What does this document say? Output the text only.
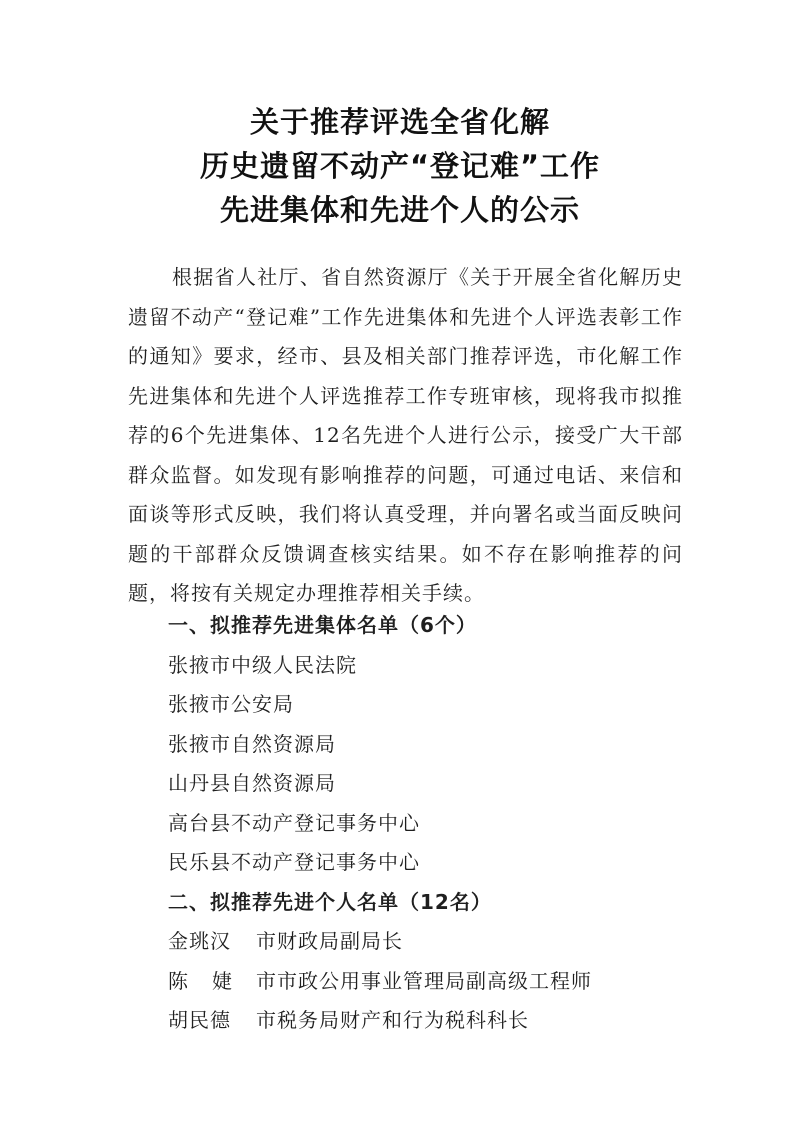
关于推荐评选全省化解
历史遗留不动产“登记难”工作
先进集体和先进个人的公示

根据省人社厅、省自然资源厅《关于开展全省化解历史遗留不动产“登记难”工作先进集体和先进个人评选表彰工作的通知》要求，经市、县及相关部门推荐评选，市化解工作先进集体和先进个人评选推荐工作专班审核，现将我市拟推荐的6个先进集体、12名先进个人进行公示，接受广大干部群众监督。如发现有影响推荐的问题，可通过电话、来信和面谈等形式反映，我们将认真受理，并向署名或当面反映问题的干部群众反馈调查核实结果。如不存在影响推荐的问题，将按有关规定办理推荐相关手续。

一、拟推荐先进集体名单（6个）
张掖市中级人民法院
张掖市公安局
张掖市自然资源局
山丹县自然资源局
高台县不动产登记事务中心
民乐县不动产登记事务中心
二、拟推荐先进个人名单（12名）
金珧汉 市财政局副局长
陈婕市市政公用事业管理局副高级工程师
胡民德 市税务局财产和行为税科科长
